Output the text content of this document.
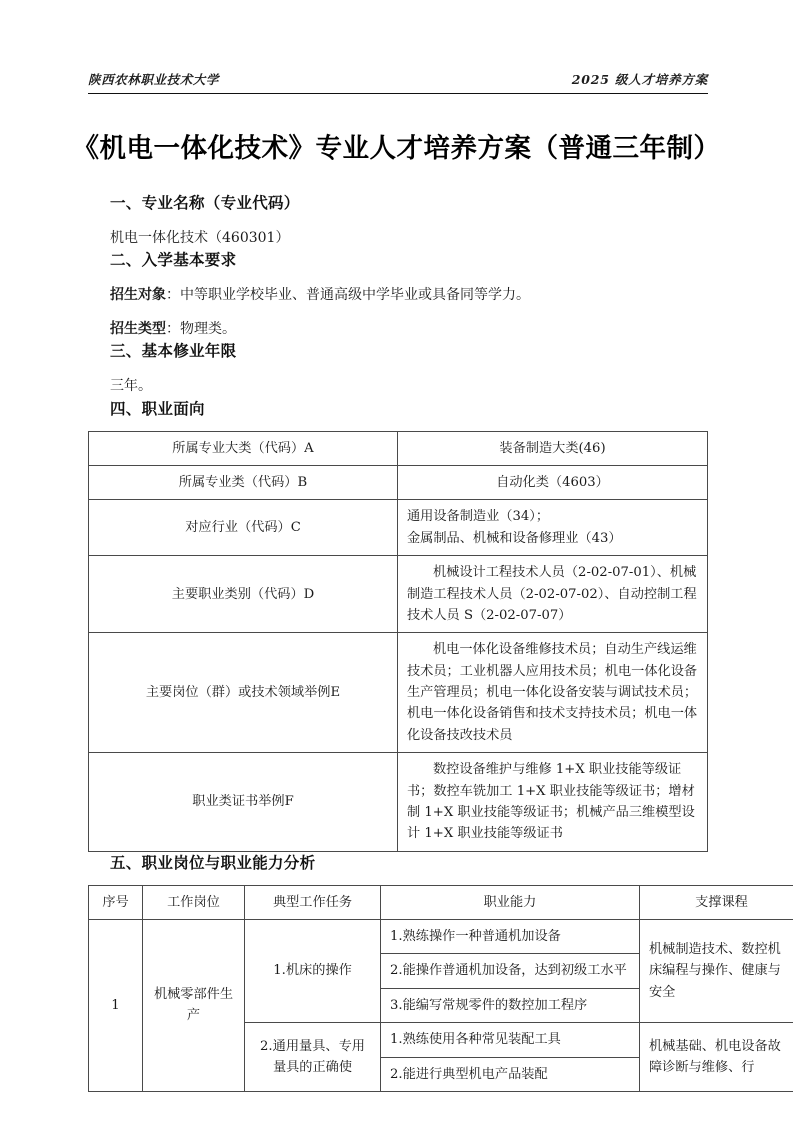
陕西农林职业技术大学	2025 级人才培养方案
《机电一体化技术》专业人才培养方案（普通三年制）
一、专业名称（专业代码）

机电一体化技术（460301）

二、入学基本要求

招生对象：中等职业学校毕业、普通高级中学毕业或具备同等学力。

招生类型：物理类。

三、基本修业年限

三年。

四、职业面向
所属专业大类（代码）A	装备制造大类(46)
所属专业类（代码）B	自动化类（4603）
对应行业（代码）C	通用设备制造业（34）；
金属制品、机械和设备修理业（43）
主要职业类别（代码）D	机械设计工程技术人员（2-02-07-01）、机械制造工程技术人员（2-02-07-02）、自动控制工程技术人员 S（2-02-07-07）

主要岗位（群）或技术领域举例E	机电一体化设备维修技术员；自动生产线运维技术员；工业机器人应用技术员；机电一体化设备生产管理员；机电一体化设备安装与调试技术员；机电一体化设备销售和技术支持技术员；机电一体化设备技改技术员

职业类证书举例F	数控设备维护与维修 1+X 职业技能等级证书；数控车铣加工 1+X 职业技能等级证书；增材制 1+X 职业技能等级证书；机械产品三维模型设计 1+X 职业技能等级证书
五、职业岗位与职业能力分析
序号	工作岗位	典型工作任务	职业能力	支撑课程
1	机械零部件生产	1.机床的操作	1.熟练操作一种普通机加设备	机械制造技术、数控机床编程与操作、健康与安全
			2.能操作普通机加设备，达到初级工水平	
			3.能编写常规零件的数控加工程序	
		2.通用量具、专用量具的正确使	1.熟练使用各种常见装配工具	机械基础、机电设备故障诊断与维修、行
			2.能进行典型机电产品装配	
